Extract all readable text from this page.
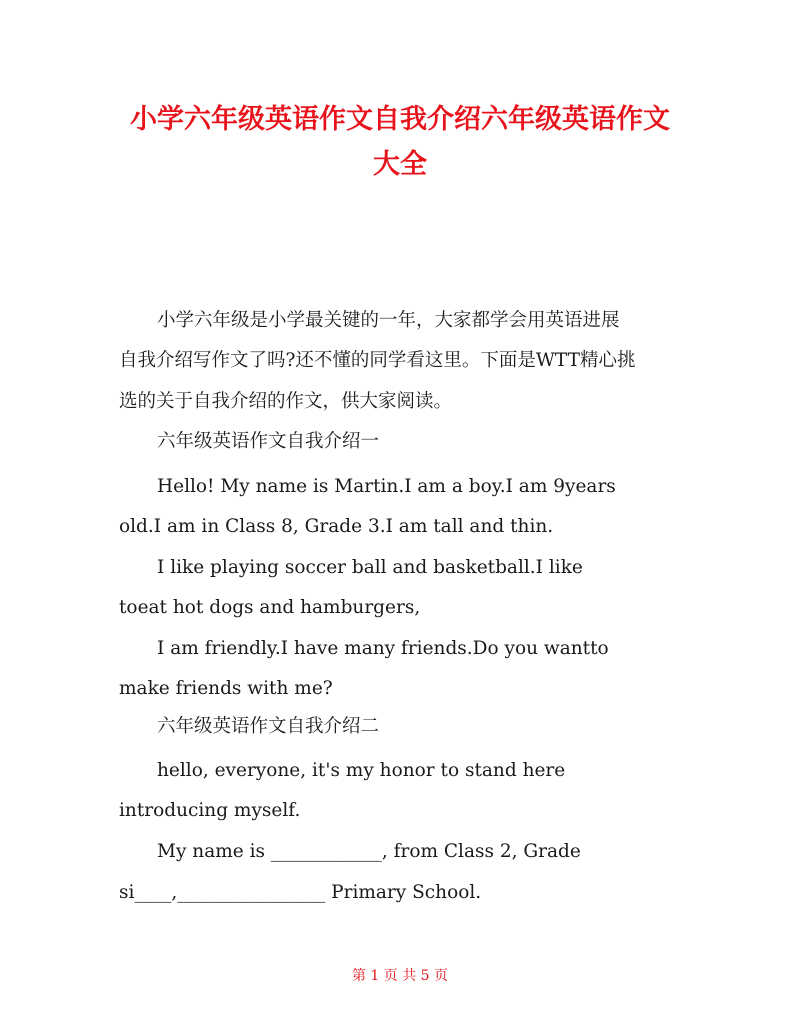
小学六年级英语作文自我介绍六年级英语作文
大全

小学六年级是小学最关键的一年，大家都学会用英语进展

自我介绍写作文了吗?还不懂的同学看这里。下面是WTT精心挑

选的关于自我介绍的作文，供大家阅读。

六年级英语作文自我介绍一

Hello! My name is Martin.I am a boy.I am 9years

old.I am in Class 8, Grade 3.I am tall and thin.

I like playing soccer ball and basketball.I like

toeat hot dogs and hamburgers,

I am friendly.I have many friends.Do you wantto

make friends with me?

六年级英语作文自我介绍二

hello, everyone, it's my honor to stand here

introducing myself.

My name is ____________, from Class 2, Grade

si____,________________ Primary School.

第 1 页 共 5 页
